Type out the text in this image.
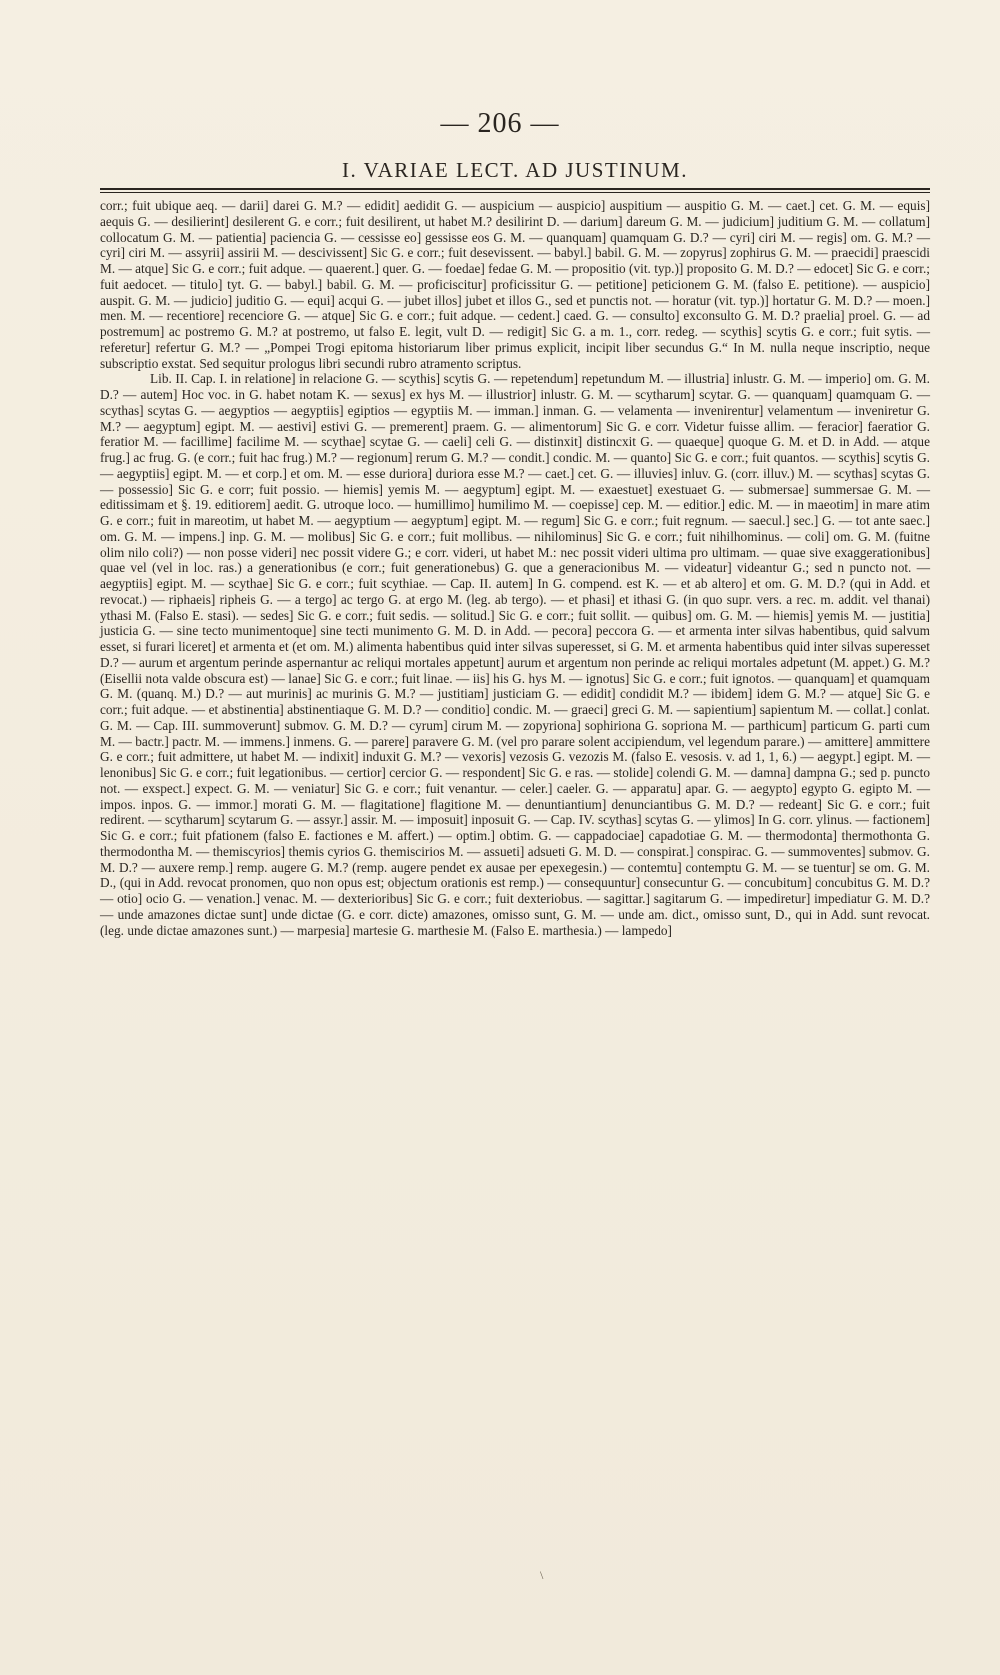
— 206 —
I. VARIAE LECT. AD JUSTINUM.

corr.; fuit ubique aeq. — darii] darei G. M.? — edidit] aedidit G. — auspicium — auspicio] auspitium — auspitio G. M. — caet.] cet. G. M. — equis] aequis G. — desilierint] desilerent G. e corr.; fuit desilirent, ut habet M.? desilirint D. — darium] dareum G. M. — judicium] juditium G. M. — collatum] collocatum G. M. — patientia] paciencia G. — cessisse eo] gessisse eos G. M. — quanquam] quamquam G. D.? — cyri] ciri M. — regis] om. G. M.? — cyri] ciri M. — assyrii] assirii M. — descivissent] Sic G. e corr.; fuit desevissent. — babyl.] babil. G. M. — zopyrus] zophirus G. M. — praecidi] praescidi M. — atque] Sic G. e corr.; fuit adque. — quaerent.] quer. G. — foedae] fedae G. M. — propositio (vit. typ.)] proposito G. M. D.? — edocet] Sic G. e corr.; fuit aedocet. — titulo] tyt. G. — babyl.] babil. G. M. — proficiscitur] proficissitur G. — petitione] peticionem G. M. (falso E. petitione). — auspicio] auspit. G. M. — judicio] juditio G. — equi] acqui G. — jubet illos] jubet et illos G., sed et punctis not. — horatur (vit. typ.)] hortatur G. M. D.? — moen.] men. M. — recentiore] recenciore G. — atque] Sic G. e corr.; fuit adque. — cedent.] caed. G. — consulto] exconsulto G. M. D.? praelia] proel. G. — ad postremum] ac postremo G. M.? at postremo, ut falso E. legit, vult D. — redigit] Sic G. a m. 1., corr. redeg. — scythis] scytis G. e corr.; fuit sytis. — referetur] refertur G. M.? — „Pompei Trogi epitoma historiarum liber primus explicit, incipit liber secundus G.“ In M. nulla neque inscriptio, neque subscriptio exstat. Sed sequitur prologus libri secundi rubro atramento scriptus.

Lib. II. Cap. I. in relatione] in relacione G. — scythis] scytis G. — repetendum] repetundum M. — illustria] inlustr. G. M. — imperio] om. G. M. D.? — autem] Hoc voc. in G. habet notam K. — sexus] ex hys M. — illustrior] inlustr. G. M. — scytharum] scytar. G. — quanquam] quamquam G. — scythas] scytas G. — aegyptios — aegyptiis] egiptios — egyptiis M. — imman.] inman. G. — velamenta — invenirentur] velamentum — inveniretur G. M.? — aegyptum] egipt. M. — aestivi] estivi G. — premerent] praem. G. — alimentorum] Sic G. e corr. Videtur fuisse allim. — feracior] faeratior G. feratior M. — facillime] facilime M. — scythae] scytae G. — caeli] celi G. — distinxit] distincxit G. — quaeque] quoque G. M. et D. in Add. — atque frug.] ac frug. G. (e corr.; fuit hac frug.) M.? — regionum] rerum G. M.? — condit.] condic. M. — quanto] Sic G. e corr.; fuit quantos. — scythis] scytis G. — aegyptiis] egipt. M. — et corp.] et om. M. — esse duriora] duriora esse M.? — caet.] cet. G. — illuvies] inluv. G. (corr. illuv.) M. — scythas] scytas G. — possessio] Sic G. e corr; fuit possio. — hiemis] yemis M. — aegyptum] egipt. M. — exaestuet] exestuaet G. — submersae] summersae G. M. — editissimam et §. 19. editiorem] aedit. G. utroque loco. — humillimo] humilimo M. — coepisse] cep. M. — editior.] edic. M. — in maeotim] in mare atim G. e corr.; fuit in mareotim, ut habet M. — aegyptium — aegyptum] egipt. M. — regum] Sic G. e corr.; fuit regnum. — saecul.] sec.] G. — tot ante saec.] om. G. M. — impens.] inp. G. M. — molibus] Sic G. e corr.; fuit mollibus. — nihilominus] Sic G. e corr.; fuit nihilhominus. — coli] om. G. M. (fuitne olim nilo coli?) — non posse videri] nec possit videre G.; e corr. videri, ut habet M.: nec possit videri ultima pro ultimam. — quae sive exaggerationibus] quae vel (vel in loc. ras.) a generationibus (e corr.; fuit generationebus) G. que a generacionibus M. — videatur] videantur G.; sed n puncto not. — aegyptiis] egipt. M. — scythae] Sic G. e corr.; fuit scythiae. — Cap. II. autem] In G. compend. est K. — et ab altero] et om. G. M. D.? (qui in Add. et revocat.) — riphaeis] ripheis G. — a tergo] ac tergo G. at ergo M. (leg. ab tergo). — et phasi] et ithasi G. (in quo supr. vers. a rec. m. addit. vel thanai) ythasi M. (Falso E. stasi). — sedes] Sic G. e corr.; fuit sedis. — solitud.] Sic G. e corr.; fuit sollit. — quibus] om. G. M. — hiemis] yemis M. — justitia] justicia G. — sine tecto munimentoque] sine tecti munimento G. M. D. in Add. — pecora] peccora G. — et armenta inter silvas habentibus, quid salvum esset, si furari liceret] et armenta et (et om. M.) alimenta habentibus quid inter silvas superesset, si G. M. et armenta habentibus quid inter silvas superesset D.? — aurum et argentum perinde aspernantur ac reliqui mortales appetunt] aurum et argentum non perinde ac reliqui mortales adpetunt (M. appet.) G. M.? (Eisellii nota valde obscura est) — lanae] Sic G. e corr.; fuit linae. — iis] his G. hys M. — ignotus] Sic G. e corr.; fuit ignotos. — quanquam] et quamquam G. M. (quanq. M.) D.? — aut murinis] ac murinis G. M.? — justitiam] justiciam G. — edidit] condidit M.? — ibidem] idem G. M.? — atque] Sic G. e corr.; fuit adque. — et abstinentia] abstinentiaque G. M. D.? — conditio] condic. M. — graeci] greci G. M. — sapientium] sapientum M. — collat.] conlat. G. M. — Cap. III. summoverunt] submov. G. M. D.? — cyrum] cirum M. — zopyriona] sophiriona G. sopriona M. — parthicum] particum G. parti cum M. — bactr.] pactr. M. — immens.] inmens. G. — parere] paravere G. M. (vel pro parare solent accipiendum, vel legendum parare.) — amittere] ammittere G. e corr.; fuit admittere, ut habet M. — indixit] induxit G. M.? — vexoris] vezosis G. vezozis M. (falso E. vesosis. v. ad 1, 1, 6.) — aegypt.] egipt. M. — lenonibus] Sic G. e corr.; fuit legationibus. — certior] cercior G. — respondent] Sic G. e ras. — stolide] colendi G. M. — damna] dampna G.; sed p. puncto not. — exspect.] expect. G. M. — veniatur] Sic G. e corr.; fuit venantur. — celer.] caeler. G. — apparatu] apar. G. — aegypto] egypto G. egipto M. — impos. inpos. G. — immor.] morati G. M. — flagitatione] flagitione M. — denuntiantium] denunciantibus G. M. D.? — redeant] Sic G. e corr.; fuit redirent. — scytharum] scytarum G. — assyr.] assir. M. — imposuit] inposuit G. — Cap. IV. scythas] scytas G. — ylimos] In G. corr. ylinus. — factionem] Sic G. e corr.; fuit pfationem (falso E. factiones e M. affert.) — optim.] obtim. G. — cappadociae] capadotiae G. M. — thermodonta] thermothonta G. thermodontha M. — themiscyrios] themis cyrios G. themiscirios M. — assueti] adsueti G. M. D. — conspirat.] conspirac. G. — summoventes] submov. G. M. D.? — auxere remp.] remp. augere G. M.? (remp. augere pendet ex ausae per epexegesin.) — contemtu] contemptu G. M. — se tuentur] se om. G. M. D., (qui in Add. revocat pronomen, quo non opus est; objectum orationis est remp.) — consequuntur] consecuntur G. — concubitum] concubitus G. M. D.? — otio] ocio G. — venation.] venac. M. — dexterioribus] Sic G. e corr.; fuit dexteriobus. — sagittar.] sagitarum G. — impediretur] impediatur G. M. D.? — unde amazones dictae sunt] unde dictae (G. e corr. dicte) amazones, omisso sunt, G. M. — unde am. dict., omisso sunt, D., qui in Add. sunt revocat. (leg. unde dictae amazones sunt.) — marpesia] martesie G. marthesie M. (Falso E. marthesia.) — lampedo]

\
